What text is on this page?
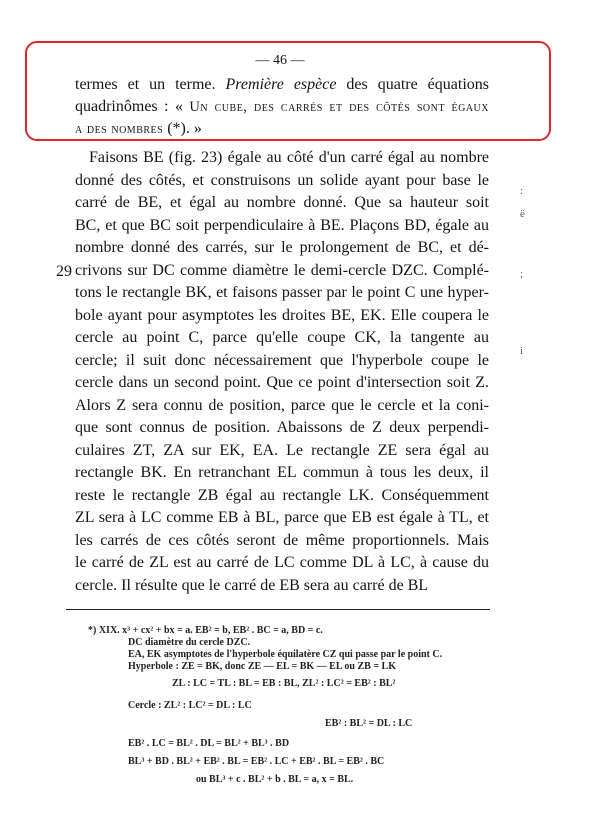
— 46 —
termes et un terme. Première espèce des quatre équations
quadrinômes : « Un cube, des carrés et des côtés sont égaux
a des nombres (*). »
Faisons BE (fig. 23) égale au côté d'un carré égal au nombre
donné des côtés, et construisons un solide ayant pour base le
carré de BE, et égal au nombre donné. Que sa hauteur soit
BC, et que BC soit perpendiculaire à BE. Plaçons BD, égale au
nombre donné des carrés, sur le prolongement de BC, et dé-
crivons sur DC comme diamètre le demi-cercle DZC. Complé-
tons le rectangle BK, et faisons passer par le point C une hyper-
bole ayant pour asymptotes les droites BE, EK. Elle coupera le
cercle au point C, parce qu'elle coupe CK, la tangente au
cercle; il suit donc nécessairement que l'hyperbole coupe le
cercle dans un second point. Que ce point d'intersection soit Z.
Alors Z sera connu de position, parce que le cercle et la coni-
que sont connus de position. Abaissons de Z deux perpendi-
culaires ZT, ZA sur EK, EA. Le rectangle ZE sera égal au
rectangle BK. En retranchant EL commun à tous les deux, il
reste le rectangle ZB égal au rectangle LK. Conséquemment
ZL sera à LC comme EB à BL, parce que EB est égale à TL, et
les carrés de ces côtés seront de même proportionnels. Mais
le carré de ZL est au carré de LC comme DL à LC, à cause du
cercle. Il résulte que le carré de EB sera au carré de BL
29
:
ë
;
i
*) XIX. x³ + cx² + bx = a. EB² = b, EB² . BC = a, BD = c.
DC diamètre du cercle DZC.
EA, EK asymptotes de l'hyperbole équilatère CZ qui passe par le point C.
Hyperbole : ZE = BK, donc ZE — EL = BK — EL ou ZB = LK
ZL : LC = TL : BL = EB : BL, ZL² : LC² = EB² : BL²
Cercle : ZL² : LC² = DL : LC
EB² : BL² = DL : LC
EB² . LC = BL² . DL = BL² + BL³ . BD
BL³ + BD . BL² + EB² . BL = EB² . LC + EB² . BL = EB² . BC
ou BL³ + c . BL² + b . BL = a, x = BL.
